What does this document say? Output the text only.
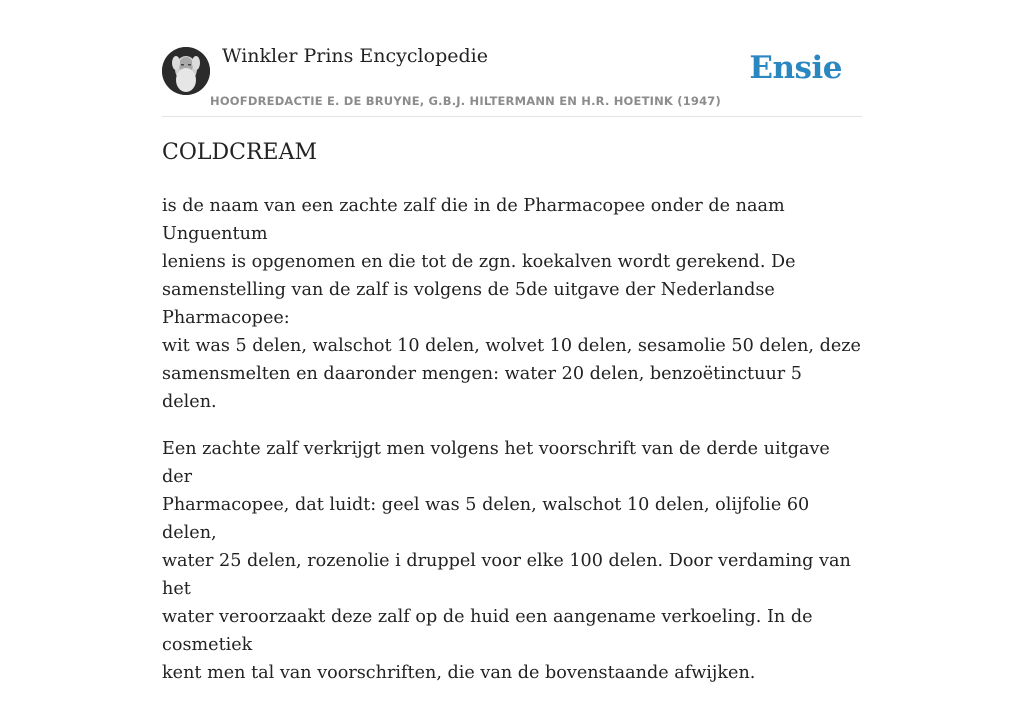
Winkler Prins Encyclopedie
HOOFDREDACTIE E. DE BRUYNE, G.B.J. HILTERMANN EN H.R. HOETINK (1947)
Ensie
COLDCREAM

is de naam van een zachte zalf die in de Pharmacopee onder de naam Unguentum
leniens is opgenomen en die tot de zgn. koekalven wordt gerekend. De
samenstelling van de zalf is volgens de 5de uitgave der Nederlandse Pharmacopee:
wit was 5 delen, walschot 10 delen, wolvet 10 delen, sesamolie 50 delen, deze
samensmelten en daaronder mengen: water 20 delen, benzoëtinctuur 5 delen.

Een zachte zalf verkrijgt men volgens het voorschrift van de derde uitgave der
Pharmacopee, dat luidt: geel was 5 delen, walschot 10 delen, olijfolie 60 delen,
water 25 delen, rozenolie i druppel voor elke 100 delen. Door verdaming van het
water veroorzaakt deze zalf op de huid een aangename verkoeling. In de cosmetiek
kent men tal van voorschriften, die van de bovenstaande afwijken.
